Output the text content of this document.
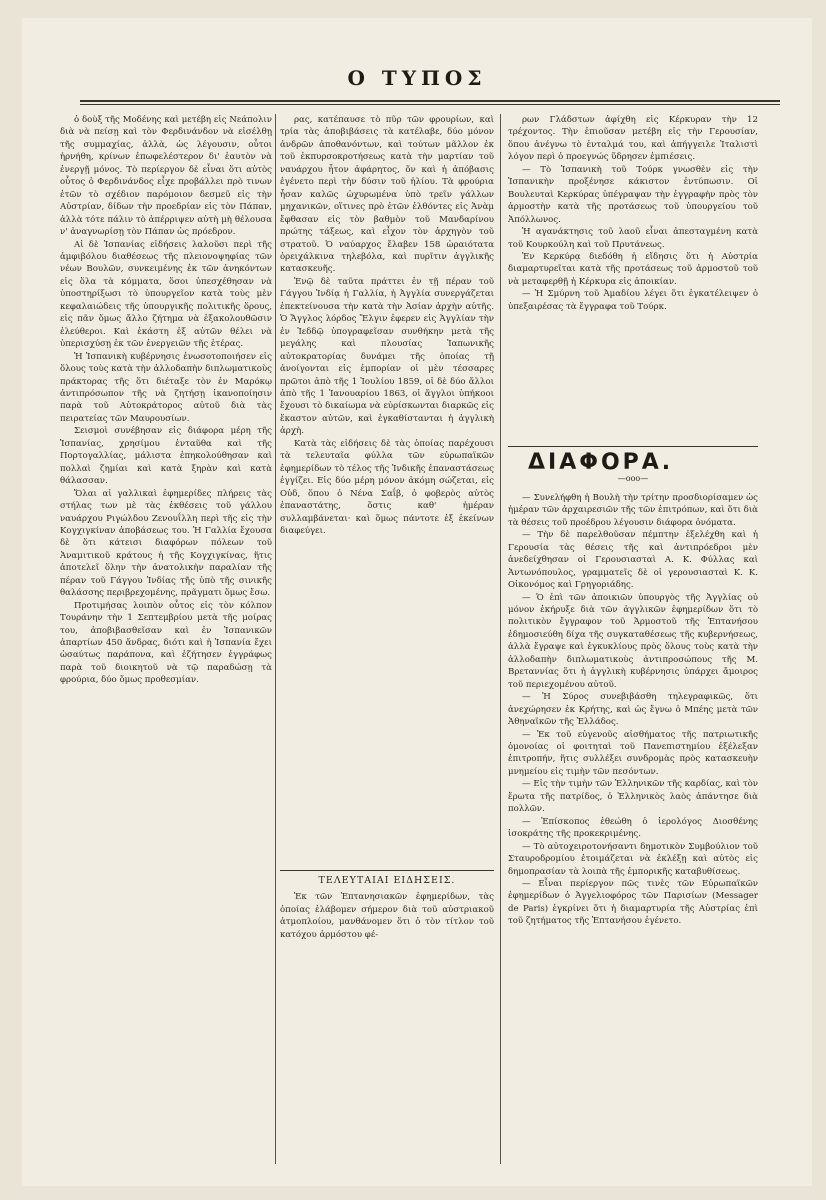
Ο ΤΥΠΟΣ

ὁ δοὺξ τῆς Μοδένης καὶ μετέβη εἰς Νεάπολιν διὰ νὰ πείσῃ καὶ τὸν Φερδινάνδον νὰ εἰσέλθῃ τῆς συμμαχίας, ἀλλὰ, ὡς λέγουσιν, οὗτοι ἠρνήθη, κρίνων ἐπωφελέστερον δι' ἑαυτὸν νὰ ἐνεργῇ μόνος. Τὸ περίεργον δὲ εἶναι ὅτι αὐτὸς οὗτος ὁ Φερδινάνδος εἶχε προβάλλει πρὸ τινων ἐτῶν τὸ σχέδιον παρόμοιον δεσμεῦ εἰς τὴν Αὐστρίαν, δίδων τὴν προεδρίαν εἰς τὸν Πάπαν, ἀλλὰ τότε πάλιν τὸ ἀπέρριψεν αὐτὴ μὴ θέλουσα ν' ἀναγνωρίσῃ τὸν Πάπαν ὡς πρόεδρον.

Αἱ δὲ Ἰσπανίας εἰδήσεις λαλοῦσι περὶ τῆς ἀμφιβόλου διαθέσεως τῆς πλειονοψηφίας τῶν νέων Βουλῶν, συνκειμένης ἐκ τῶν ἀνηκόντων εἰς ὅλα τὰ κόμματα, ὅσοι ὑπεσχέθησαν νὰ ὑποστηρίξωσι τὸ ὑπουργεῖον κατὰ τοὺς μὲν κεφαλαιώδεις τῆς ὑπουργικῆς πολιτικῆς ὅρους, εἰς πᾶν ὅμως ἄλλο ζήτημα νὰ ἐξακολουθῶσιν ἐλεύθεροι. Καὶ ἐκάστη ἐξ αὐτῶν θέλει νὰ ὑπερισχύσῃ ἐκ τῶν ἐνεργειῶν τῆς ἑτέρας.

Ἡ Ἰσπανικὴ κυβέρνησις ἐνωσοτοποιήσεν εἰς ὅλους τοὺς κατὰ τὴν ἀλλοδαπὴν διπλωματικοὺς πράκτορας τῆς ὅτι διέταξε τὸν ἐν Μαρόκῳ ἀντιπρόσωπον τῆς νὰ ζητήσῃ ἱκανοποίησιν παρὰ τοῦ Αὐτοκράτορος αὐτοῦ διὰ τὰς πειρατείας τῶν Μαυρουσίων.

Σεισμοὶ συνέβησαν εἰς διάφορα μέρη τῆς Ἰσπανίας, χρησίμου ἐνταῦθα καὶ τῆς Πορτογαλλίας, μάλιστα ἐπηκολούθησαν καὶ πολλαὶ ζημίαι καὶ κατὰ ξηρὰν καὶ κατὰ θάλασσαν.

Ὅλαι αἱ γαλλικαὶ ἐφημερίδες πλήρεις τὰς στήλας των μὲ τὰς ἐκθέσεις τοῦ γάλλου ναυάρχου Ριγώλδου Ζενουΐλλη περὶ τῆς εἰς τὴν Κογχιγκίναν ἀποβάσεως του. Ἡ Γαλλία ἔχουσα δὲ ὅτι κάτεισι διαφόρων πόλεων τοῦ Ἀναμιτικοῦ κράτους ἡ τῆς Κογχιγκίνας, ἥτις ἀποτελεῖ ὅλην τὴν ἀνατολικὴν παραλίαν τῆς πέραν τοῦ Γάγγου Ἰνδίας τῆς ὑπὸ τῆς σινικῆς θαλάσσης περιβρεχομένης, πρᾶγματι ὅμως ἔσω.

Προτιμήσας λοιπὸν οὗτος εἰς τὸν κόλπον Τουράνην τὴν 1 Σεπτεμβρίου μετὰ τῆς μοίρας του, ἀποβιβασθεῖσαν καὶ ἐν Ἰσπανικῶν ἀπαρτίων 450 ἄνδρας, διότι καὶ ἡ Ἰσπανία ἔχει ὡσαύτως παράπονα, καὶ ἐζήτησεν ἐγγράφως παρὰ τοῦ διοικητοῦ νὰ τῷ παραδώσῃ τὰ φρούρια, δύο ὅμως προθεσμίαν.

ρας, κατέπαυσε τὸ πῦρ τῶν φρουρίων, καὶ τρία τὰς ἀποβιβάσεις τὰ κατέλαβε, δύο μόνον ἀνδρῶν ἀποθανόντων, καὶ τούτων μᾶλλον ἐκ τοῦ ἐκπυρσοκροτήσεως κατὰ τὴν μαρτίαν τοῦ ναυάρχου ἦτον ἀφάρητος, ὅν καὶ ἡ ἀπόβασις ἐγένετο περὶ τὴν δύσιν τοῦ ἡλίου. Τὰ φρούρια ἦσαν καλῶς ὠχυρωμένα ὑπὸ τρεῖν γάλλων μηχανικῶν, οἵτινες πρὸ ἐτῶν ἐλθόντες εἰς Ἀνὰμ ἔφθασαν εἰς τὸν βαθμὸν τοῦ Μανδαρίνου πρώτης τάξεως, καὶ εἶχον τὸν ἀρχηγὸν τοῦ στρατοῦ. Ὁ ναύαρχος ἔλαβεν 158 ὡραιότατα ὀρειχάλκινα τηλεβόλα, καὶ πυρῖτιν ἀγγλικῆς κατασκευῆς.

Ἐνῷ δὲ ταῦτα πράττει ἐν τῇ πέραν τοῦ Γάγγου Ἰνδίᾳ ἡ Γαλλία, ἡ Ἀγγλία συνεργάζεται ἐπεκτείνουσα τὴν κατὰ τὴν Ἀσίαν ἀρχὴν αὑτῆς. Ὁ Ἄγγλος λόρδος Ἔλγιν ἐφερεν εἰς Ἀγγλίαν τὴν ἐν Ἰεδδῷ ὑπογραφεῖσαν συνθήκην μετὰ τῆς μεγάλης καὶ πλουσίας Ἰαπωνικῆς αὐτοκρατορίας δυνάμει τῆς ὁποίας τῇ ἀνοίγονται εἰς ἐμπορίαν οἱ μὲν τέσσαρες πρῶτοι ἀπὸ τῆς 1 Ἰουλίου 1859, οἱ δὲ δύο ἄλλοι ἀπὸ τῆς 1 Ἰανουαρίου 1863, οἱ ἄγγλοι ὑπήκοοι ἔχουσι τὸ δικαίωμα νὰ εὑρίσκωνται διαρκῶς εἰς ἕκαστον αὐτῶν, καὶ ἐγκαθίστανται ἡ ἀγγλικὴ ἀρχὴ.

Κατὰ τὰς εἰδήσεις δὲ τὰς ὁποίας παρέχουσι τὰ τελευταῖα φύλλα τῶν εὐρωπαϊκῶν ἐφημερίδων τὸ τέλος τῆς Ἰνδικῆς ἐπαναστάσεως ἐγγίζει. Εἰς δύο μέρη μόνον ἀκόμη σώζεται, εἰς Οὐδ, ὅπου ὁ Νένα Σαΐβ, ὁ φοβερὸς αὐτὸς ἐπαναστάτης, ὅστις καθ' ἡμέραν συλλαμβάνεται· καὶ ὅμως πάντοτε ἐξ ἐκείνων διαφεύγει.

ΤΕΛΕΥΤΑΙΑΙ ΕΙΔΗΣΕΙΣ.

Ἐκ τῶν Ἐπτανησιακῶν ἐφημερίδων, τὰς ὁποίας ἐλάβομεν σήμερον διὰ τοῦ αὐστριακοῦ ἀτμοπλοίου, μανθάνομεν ὅτι ὁ τὸν τίτλον τοῦ κατόχου ἀρμόστου φέ-

ρων Γλάδστων ἀφίχθη εἰς Κέρκυραν τὴν 12 τρέχοντος. Τὴν ἐπιοῦσαν μετέβη εἰς τὴν Γερουσίαν, ὅπου ἀνέγνω τὸ ἐνταλμά του, καὶ ἀπήγγειλε Ἰταλιστὶ λόγον περὶ ὁ προεγνώς ὕδρησεν ἐμπιέσεις.

— Τὸ Ἰσπανικὴ τοῦ Τούρκ γνωσθὲν εἰς τὴν Ἰσπανικὴν προξένησε κάκιστον ἐντύπωσιν. Οἱ Βουλευταὶ Κερκύρας ὑπέγραψαν τὴν ἐγγραφὴν πρὸς τὸν ἁρμοστὴν κατὰ τῆς προτάσεως τοῦ ὑπουργείου τοῦ Ἀπόλλωνος.

Ἡ αγανάκτησις τοῦ λαοῦ εἶναι ἀπεσταγμένη κατὰ τοῦ Κουρκούλη καὶ τοῦ Πρυτάνεως.

Ἐν Κερκύρᾳ διεδόθη ἡ εἴδησις ὅτι ἡ Αὐστρία διαμαρτυρεῖται κατὰ τῆς προτάσεως τοῦ ἀρμοστοῦ τοῦ νὰ μεταφερθῇ ἡ Κέρκυρα εἰς ἀποικίαν.

— Ἡ Σμύρνη τοῦ Ἀμαδίου λέγει ὅτι ἐγκατέλειψεν ὁ ὑπεξαιρέσας τὰ ἔγγραφα τοῦ Τούρκ.

ΔΙΑΦΟΡΑ.
—ooo—

— Συνελήφθη ἡ Βουλὴ τὴν τρίτην προσδιορίσαμεν ὡς ἡμέραν τῶν ἀρχαιρεσιῶν τῆς τῶν ἐπιτρόπων, καὶ ὅτι διὰ τὰ θέσεις τοῦ προέδρου λέγουσιν διάφορα ὀνόματα.

— Τὴν δὲ παρελθοῦσαν πέμπτην ἐξελέχθη καὶ ἡ Γερουσία τὰς θέσεις τῆς καὶ ἀντιπρόεδροι μὲν ἀνεδείχθησαν οἱ Γερουσιασταὶ Α. Κ. Φύλλας καὶ Ἀντωνόπουλος, γραμματεῖς δὲ οἱ γερουσιασταὶ Κ. Κ. Οἰκονόμος καὶ Γρηγοριάδης.

— Ὁ ἐπὶ τῶν ἀποικιῶν ὑπουργὸς τῆς Ἀγγλίας οὐ μόνον ἐκήρυξε διὰ τῶν ἀγγλικῶν ἐφημερίδων ὅτι τὸ πολιτικὸν ἔγγραφον τοῦ Ἁρμοστοῦ τῆς Ἑπτανήσου ἐδημοσιεύθη δίχα τῆς συγκαταθέσεως τῆς κυβερνήσεως, ἀλλὰ ἔγραψε καὶ ἐγκυκλίους πρὸς ὅλους τοὺς κατὰ τὴν ἀλλοδαπὴν διπλωματικοὺς ἀντιπροσώπους τῆς Μ. Βρεταννίας ὅτι ἡ ἀγγλικὴ κυβέρνησις ὑπάρχει ἄμοιρος τοῦ περιεχομένου αὐτοῦ.

— Ἡ Σύρος συνεβιβάσθη τηλεγραφικῶς, ὅτι ἀνεχώρησεν ἐκ Κρήτης, καὶ ὡς ἔγνω ὁ Μπέης μετὰ τῶν Ἀθηναϊκῶν τῆς Ἑλλάδος.

— Ἐκ τοῦ εὐγενοῦς αἰσθήματος τῆς πατριωτικῆς ὁμονοίας οἱ φοιτηταὶ τοῦ Πανεπιστημίου ἐξέλεξαν ἐπιτροπήν, ἥτις συλλέξει συνδρομὰς πρὸς κατασκευὴν μνημείου εἰς τιμὴν τῶν πεσόντων.

— Εἰς τὴν τιμὴν τῶν Ἑλληνικῶν τῆς καρδίας, καὶ τὸν ἔρωτα τῆς πατρίδος, ὁ Ἑλληνικὸς λαὸς ἀπάντησε διὰ πολλῶν.

— Ἐπίσκοπος ἐθεώθη ὁ ἱερολόγος Διοσθένης ἰσοκράτης τῆς προκεκριμένης.

— Τὸ αὐτοχειροτονήσαντι δημοτικὸν Συμβούλιον τοῦ Σταυροδρομίου ἐτοιμάζεται νὰ ἐκλέξῃ καὶ αὐτὸς εἰς δημοπρασίαν τὰ λοιπὰ τῆς ἐμπορικῆς καταβυθίσεως.

— Εἶναι περίεργον πῶς τινὲς τῶν Εὐρωπαϊκῶν ἐφημερίδων ὁ Ἀγγελιοφόρος τῶν Παρισίων (Messager de Paris) ἐγκρίνει ὅτι ἡ διαμαρτυρία τῆς Αὐστρίας ἐπὶ τοῦ ζητήματος τῆς Ἑπτανήσου ἐγένετο.
